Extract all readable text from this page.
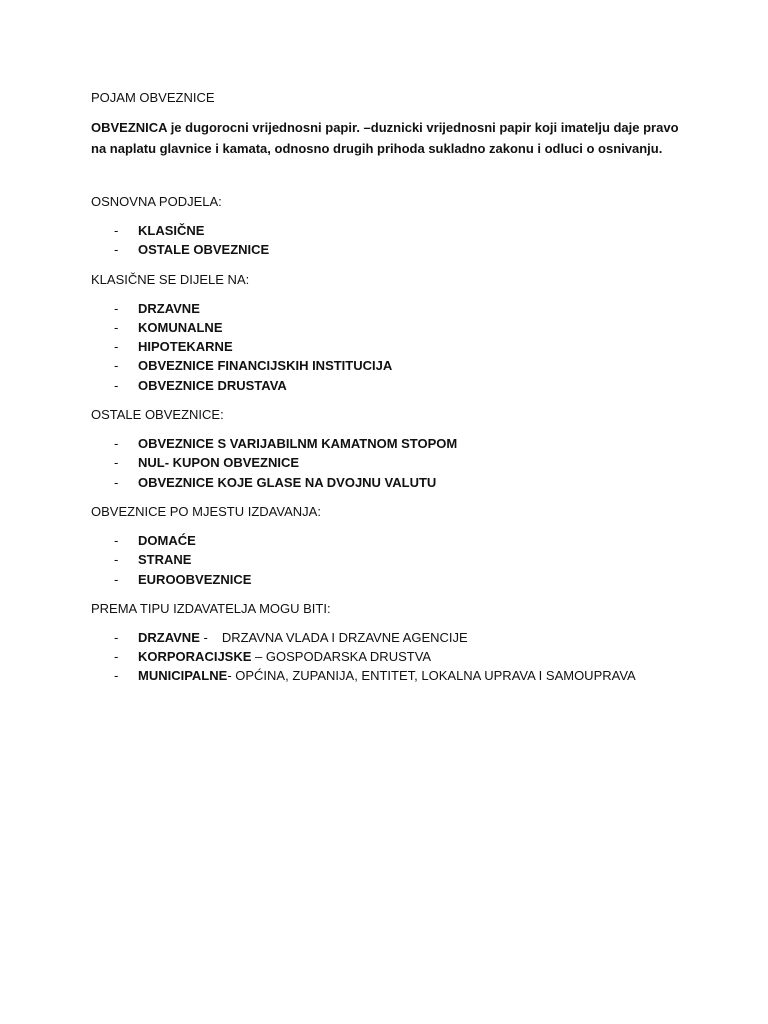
POJAM OBVEZNICE

OBVEZNICA je dugorocni vrijednosni papir. –duznicki vrijednosni papir koji imatelju daje pravo na naplatu glavnice i kamata, odnosno drugih prihoda sukladno zakonu i odluci o osnivanju.

OSNOVNA PODJELA:

- KLASIČNE
- OSTALE OBVEZNICE

KLASIČNE SE DIJELE NA:

- DRZAVNE
- KOMUNALNE
- HIPOTEKARNE
- OBVEZNICE FINANCIJSKIH INSTITUCIJA
- OBVEZNICE DRUSTAVA

OSTALE OBVEZNICE:

- OBVEZNICE S VARIJABILNM KAMATNOM STOPOM
- NUL- KUPON OBVEZNICE
- OBVEZNICE KOJE GLASE NA DVOJNU VALUTU

OBVEZNICE PO MJESTU IZDAVANJA:

- DOMAĆE
- STRANE
- EUROOBVEZNICE

PREMA TIPU IZDAVATELJA MOGU BITI:

- DRZAVNE - DRZAVNA VLADA I DRZAVNE AGENCIJE
- KORPORACIJSKE – GOSPODARSKA DRUSTVA
- MUNICIPALNE- OPĆINA, ZUPANIJA, ENTITET, LOKALNA UPRAVA I SAMOUPRAVA
